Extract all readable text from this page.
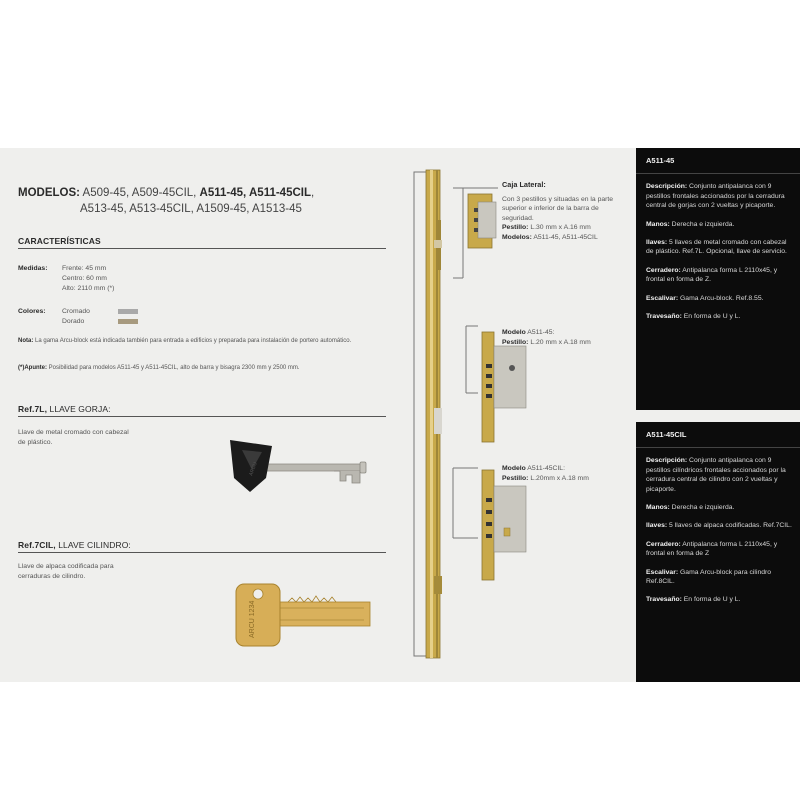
MODELOS: A509-45, A509-45CIL, A511-45, A511-45CIL,
A513-45, A513-45CIL, A1509-45, A1513-45
CARACTERÍSTICAS
Medidas: Frente: 45 mm
Centro: 60 mm
Alto: 2110 mm (*)
Colores: Cromado
Dorado
Nota: La gama Arcu-block está indicada también para entrada a edificios y preparada para instalación de portero automático.
(*)Apunte: Posibilidad para modelos A511-45 y A511-45CIL, alto de barra y bisagra 2300 mm y 2500 mm.
Ref.7L, LLAVE GORJA:
Llave de metal cromado con cabezal de plástico.
ARCU
Ref.7CIL, LLAVE CILINDRO:
Llave de alpaca codificada para cerraduras de cilindro.
ARCU 1234
Caja Lateral:
Con 3 pestillos y situadas en la parte superior e inferior de la barra de seguridad.
Pestillo: L.30 mm x A.16 mm
Modelos: A511-45, A511-45CIL
Modelo A511-45:
Pestillo: L.20 mm x A.18 mm
Modelo A511-45CIL:
Pestillo: L.20mm x A.18 mm
A511-45
Descripción: Conjunto antipalanca con 9 pestillos frontales accionados por la cerradura central de gorjas con 2 vueltas y picaporte.
Manos: Derecha e izquierda.
llaves: 5 llaves de metal cromado con cabezal de plástico. Ref.7L. Opcional, llave de servicio.
Cerradero: Antipalanca forma L 2110x45, y frontal en forma de Z.
Escalivar: Gama Arcu-block. Ref.8.55.
Travesaño: En forma de U y L.
A511-45CIL
Descripción: Conjunto antipalanca con 9 pestillos cilíndricos frontales accionados por la cerradura central de cilindro con 2 vueltas y picaporte.
Manos: Derecha e izquierda.
llaves: 5 llaves de alpaca codificadas. Ref.7CIL.
Cerradero: Antipalanca forma L 2110x45, y frontal en forma de Z
Escalivar: Gama Arcu-block para cilindro Ref.8CIL.
Travesaño: En forma de U y L.
